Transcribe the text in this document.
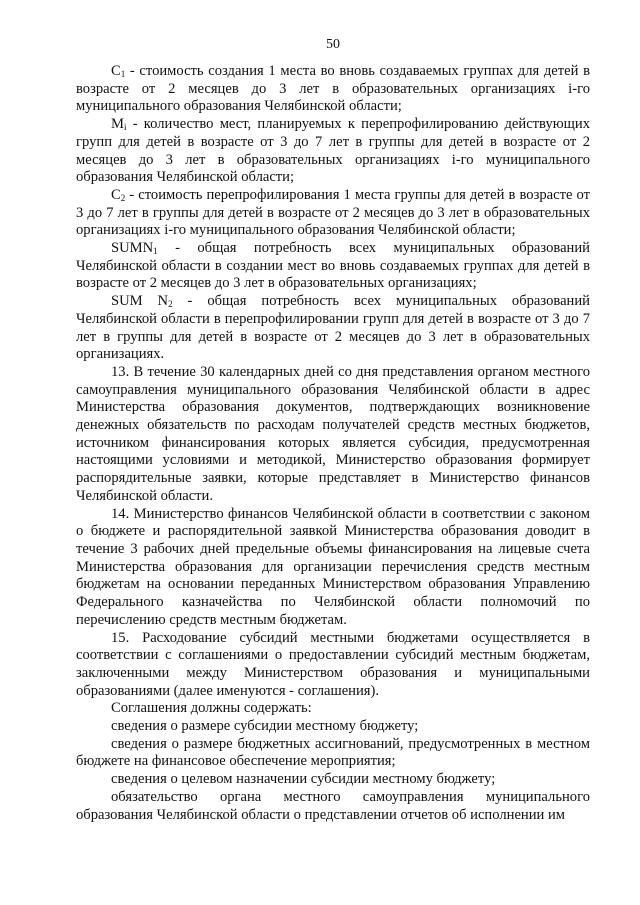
50

$C_1$ - стоимость создания 1 места во вновь создаваемых группах для детей в возрасте от 2 месяцев до 3 лет в образовательных организациях i-го муниципального образования Челябинской области;

$M_i$ - количество мест, планируемых к перепрофилированию действующих групп для детей в возрасте от 3 до 7 лет в группы для детей в возрасте от 2 месяцев до 3 лет в образовательных организациях i-го муниципального образования Челябинской области;

$C_2$ - стоимость перепрофилирования 1 места группы для детей в возрасте от 3 до 7 лет в группы для детей в возрасте от 2 месяцев до 3 лет в образовательных организациях i-го муниципального образования Челябинской области;

$SUMN_1$ - общая потребность всех муниципальных образований Челябинской области в создании мест во вновь создаваемых группах для детей в возрасте от 2 месяцев до 3 лет в образовательных организациях;

SUM $N_2$ - общая потребность всех муниципальных образований Челябинской области в перепрофилировании групп для детей в возрасте от 3 до 7 лет в группы для детей в возрасте от 2 месяцев до 3 лет в образовательных организациях.

13. В течение 30 календарных дней со дня представления органом местного самоуправления муниципального образования Челябинской области в адрес Министерства образования документов, подтверждающих возникновение денежных обязательств по расходам получателей средств местных бюджетов, источником финансирования которых является субсидия, предусмотренная настоящими условиями и методикой, Министерство образования формирует распорядительные заявки, которые представляет в Министерство финансов Челябинской области.

14. Министерство финансов Челябинской области в соответствии с законом о бюджете и распорядительной заявкой Министерства образования доводит в течение 3 рабочих дней предельные объемы финансирования на лицевые счета Министерства образования для организации перечисления средств местным бюджетам на основании переданных Министерством образования Управлению Федерального казначейства по Челябинской области полномочий по перечислению средств местным бюджетам.

15. Расходование субсидий местными бюджетами осуществляется в соответствии с соглашениями о предоставлении субсидий местным бюджетам, заключенными между Министерством образования и муниципальными образованиями (далее именуются - соглашения).

Соглашения должны содержать:

сведения о размере субсидии местному бюджету;

сведения о размере бюджетных ассигнований, предусмотренных в местном бюджете на финансовое обеспечение мероприятия;

сведения о целевом назначении субсидии местному бюджету;

обязательство органа местного самоуправления муниципального образования Челябинской области о представлении отчетов об исполнении им
